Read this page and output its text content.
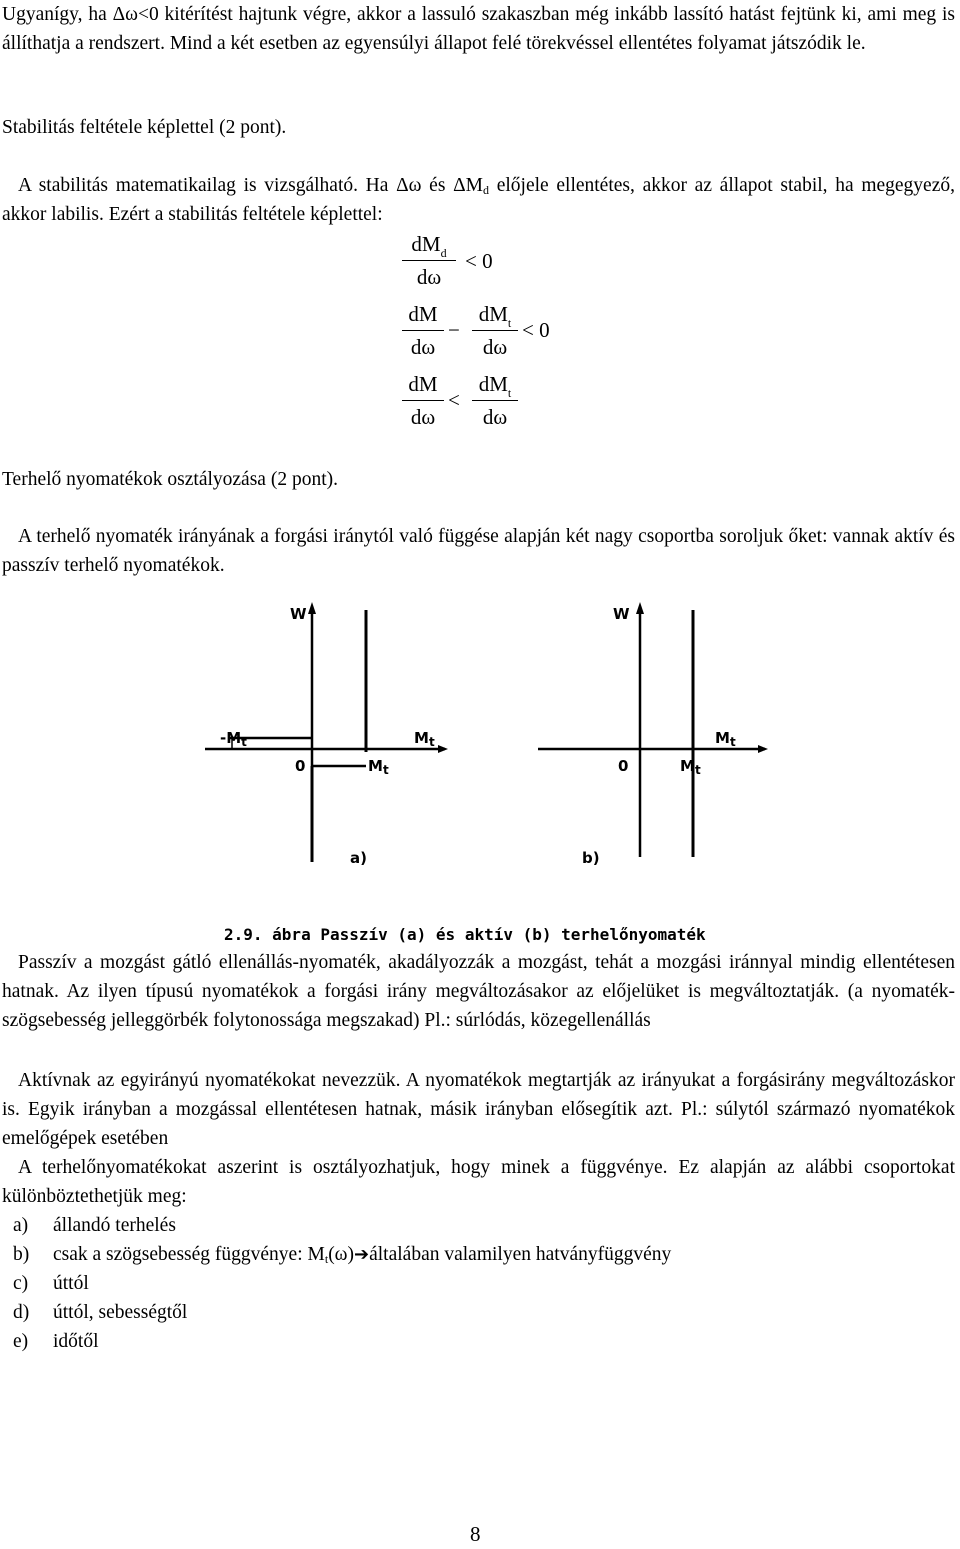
Ugyanígy, ha Δω<0 kitérítést hajtunk végre, akkor a lassuló szakaszban még inkább lassító hatást fejtünk ki, ami meg is állíthatja a rendszert. Mind a két esetben az egyensúlyi állapot felé törekvéssel ellentétes folyamat játszódik le.

Stabilitás feltétele képlettel (2 pont).

A stabilitás matematikailag is vizsgálható. Ha Δω és $\Delta M_d$ előjele ellentétes, akkor az állapot stabil, ha megegyező, akkor labilis. Ezért a stabilitás feltétele képlettel:

$dM_d$
dω
< 0
dM
dω
−
$dM_t$
dω
< 0
dM
dω
<
$dM_t$
dω

Terhelő nyomatékok osztályozása (2 pont).

A terhelő nyomaték irányának a forgási iránytól való függése alapján két nagy csoportba soroljuk őket: vannak aktív és passzív terhelő nyomatékok.

W
$-M_t$	$M_t$
0	$M_t$
a)
W
$M_t$
0	$M_t$
b)
2.9. ábra Passzív (a) és aktív (b) terhelőnyomaték

Passzív a mozgást gátló ellenállás-nyomaték, akadályozzák a mozgást, tehát a mozgási iránnyal mindig ellentétesen hatnak. Az ilyen típusú nyomatékok a forgási irány megváltozásakor az előjelüket is megváltoztatják. (a nyomaték-szögsebesség jelleggörbék folytonossága megszakad) Pl.: súrlódás, közegellenállás

Aktívnak az egyirányú nyomatékokat nevezzük. A nyomatékok megtartják az irányukat a forgásirány megváltozáskor is. Egyik irányban a mozgással ellentétesen hatnak, másik irányban elősegítik azt. Pl.: súlytól származó nyomatékok emelőgépek esetében

A terhelőnyomatékokat aszerint is osztályozhatjuk, hogy minek a függvénye. Ez alapján az alábbi csoportokat különböztethetjük meg:

a) állandó terhelés
b) csak a szögsebesség függvénye: $M_t(\omega)➔általában$ valamilyen hatványfüggvény
c) úttól
d) úttól, sebességtől
e) időtől
8
